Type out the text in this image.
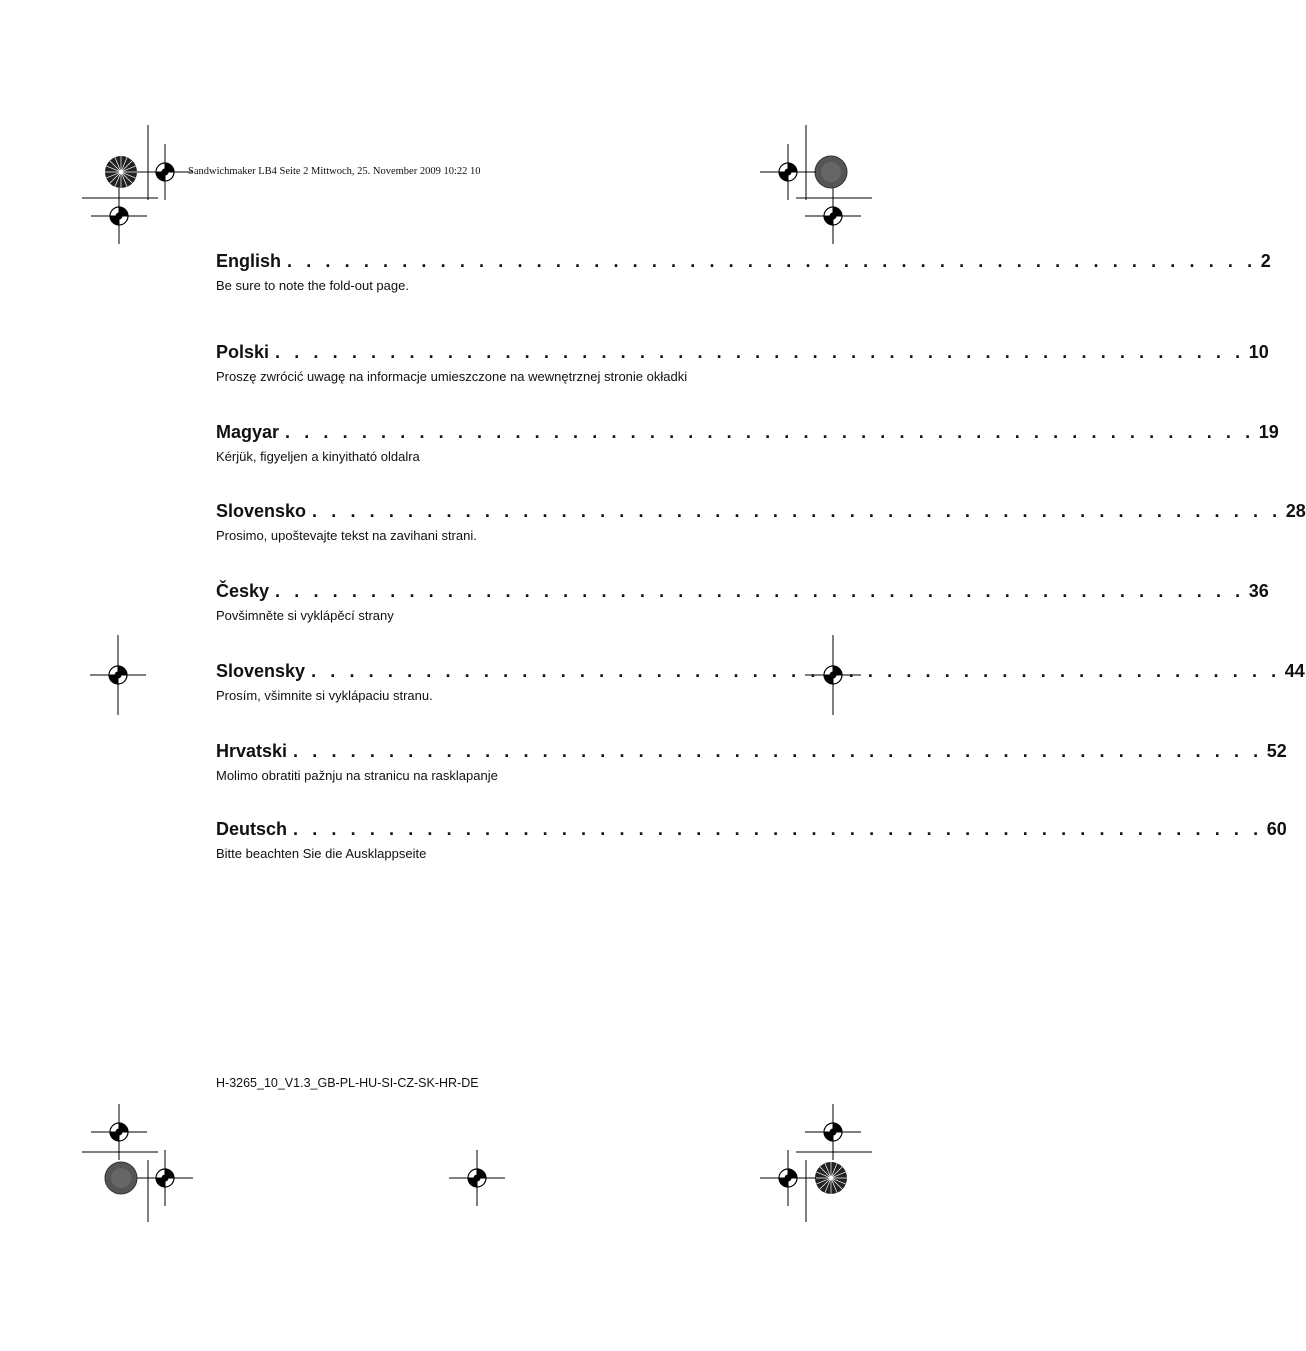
Sandwichmaker LB4 Seite 2 Mittwoch, 25. November 2009 10:22 10
English . . . . . . . . . . . . . . . . . . . . . . . . . . . . . . . . . . . . . . . . . . . . . . . . . . . 2
Be sure to note the fold-out page.
Polski . . . . . . . . . . . . . . . . . . . . . . . . . . . . . . . . . . . . . . . . . . . . . . . . . . . 10
Proszę zwrócić uwagę na informacje umieszczone na wewnętrznej stronie okładki
Magyar . . . . . . . . . . . . . . . . . . . . . . . . . . . . . . . . . . . . . . . . . . . . . . . . . . . 19
Kérjük, figyeljen a kinyitható oldalra
Slovensko . . . . . . . . . . . . . . . . . . . . . . . . . . . . . . . . . . . . . . . . . . . . . . . . . . . 28
Prosimo, upoštevajte tekst na zavihani strani.
Česky . . . . . . . . . . . . . . . . . . . . . . . . . . . . . . . . . . . . . . . . . . . . . . . . . . . 36
Povšimněte si vyklápěcí strany
Slovensky . . . . . . . . . . . . . . . . . . . . . . . . . . . . . . . . . . . . . . . . . . . . . . . . . . . 44
Prosím, všimnite si vyklápaciu stranu.
Hrvatski . . . . . . . . . . . . . . . . . . . . . . . . . . . . . . . . . . . . . . . . . . . . . . . . . . . 52
Molimo obratiti pažnju na stranicu na rasklapanje
Deutsch . . . . . . . . . . . . . . . . . . . . . . . . . . . . . . . . . . . . . . . . . . . . . . . . . . . 60
Bitte beachten Sie die Ausklappseite
H-3265_10_V1.3_GB-PL-HU-SI-CZ-SK-HR-DE
